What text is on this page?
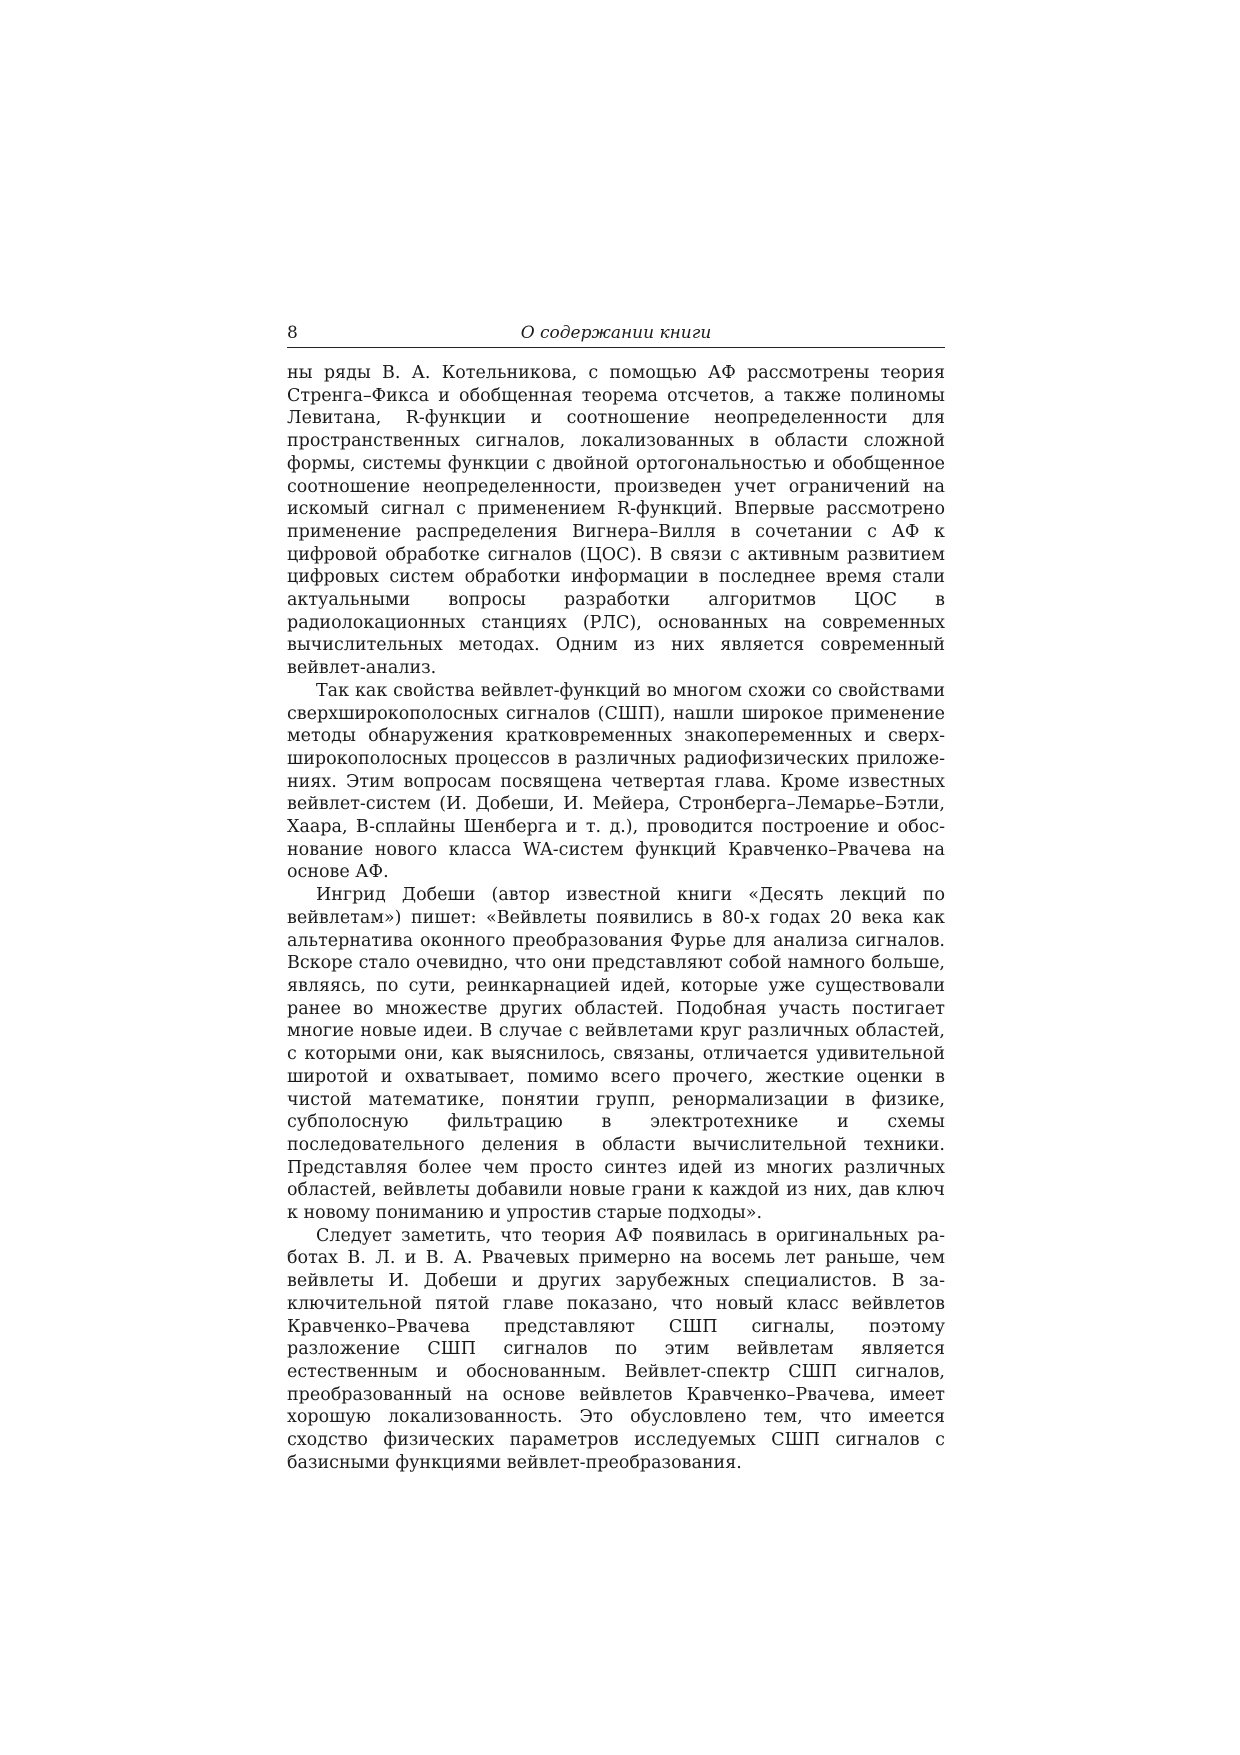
8	О содержании книги

ны ряды В. А. Котельникова, с помощью АФ рассмотрены теория Стренга–Фикса и обобщенная теорема отсчетов, а также полиномы Левитана, R-функции и соотношение неопределенности для пространственных сигналов, локализованных в области сложной формы, системы функции с двойной ортогональностью и обобщенное соотношение неопределенности, произведен учет ограничений на искомый сигнал с применением R-функций. Впервые рассмотрено применение распределения Вигнера–Вилля в сочетании с АФ к цифровой обработке сигналов (ЦОС). В связи с активным развитием цифровых систем обработки информации в последнее время стали актуальными вопросы разработки алгоритмов ЦОС в радиолокационных станциях (РЛС), основанных на современных вычислительных методах. Одним из них является современный вейвлет-анализ.

Так как свойства вейвлет-функций во многом схожи со свойствами сверхширокополосных сигналов (СШП), нашли широкое применение методы обнаружения кратковременных знакопеременных и сверхширокополосных процессов в различных радиофизических приложениях. Этим вопросам посвящена четвертая глава. Кроме известных вейвлет-систем (И. Добеши, И. Мейера, Стронберга–Лемарье–Бэтли, Хаара, B-сплайны Шенберга и т. д.), проводится построение и обоснование нового класса WA-систем функций Кравченко–Рвачева на основе АФ.

Ингрид Добеши (автор известной книги «Десять лекций по вейвлетам») пишет: «Вейвлеты появились в 80-х годах 20 века как альтернатива оконного преобразования Фурье для анализа сигналов. Вскоре стало очевидно, что они представляют собой намного больше, являясь, по сути, реинкарнацией идей, которые уже существовали ранее во множестве других областей. Подобная участь постигает многие новые идеи. В случае с вейвлетами круг различных областей, с которыми они, как выяснилось, связаны, отличается удивительной широтой и охватывает, помимо всего прочего, жесткие оценки в чистой математике, понятии групп, ренормализации в физике, субполосную фильтрацию в электротехнике и схемы последовательного деления в области вычислительной техники. Представляя более чем просто синтез идей из многих различных областей, вейвлеты добавили новые грани к каждой из них, дав ключ к новому пониманию и упростив старые подходы».

Следует заметить, что теория АФ появилась в оригинальных работах В. Л. и В. А. Рвачевых примерно на восемь лет раньше, чем вейвлеты И. Добеши и других зарубежных специалистов. В заключительной пятой главе показано, что новый класс вейвлетов Кравченко–Рвачева представляют СШП сигналы, поэтому разложение СШП сигналов по этим вейвлетам является естественным и обоснованным. Вейвлет-спектр СШП сигналов, преобразованный на основе вейвлетов Кравченко–Рвачева, имеет хорошую локализованность. Это обусловлено тем, что имеется сходство физических параметров исследуемых СШП сигналов с базисными функциями вейвлет-преобразования.
